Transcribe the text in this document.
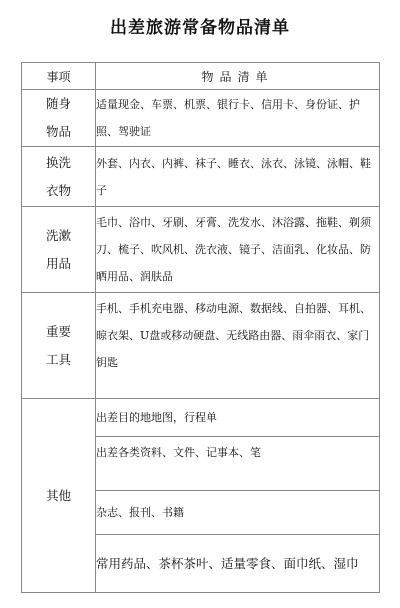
出差旅游常备物品清单
事项	物品清单

随身
物品	适量现金、车票、机票、银行卡、信用卡、身份证、护照、驾驶证

换洗
衣物	外套、内衣、内裤、袜子、睡衣、泳衣、泳镜、泳帽、鞋子

洗漱
用品	毛巾、浴巾、牙刷、牙膏、洗发水、沐浴露、拖鞋、剃须刀、梳子、吹风机、洗衣液、镜子、洁面乳、化妆品、防晒用品、润肤品

重要
工具	手机、手机充电器、移动电源、数据线、自拍器、耳机、晾衣架、U盘或移动硬盘、无线路由器、雨伞雨衣、家门钥匙
其他	出差目的地地图，行程单
	出差各类资料、文件、记事本、笔
	杂志、报刊、书籍
	常用药品、茶杯茶叶、适量零食、面巾纸、湿巾
